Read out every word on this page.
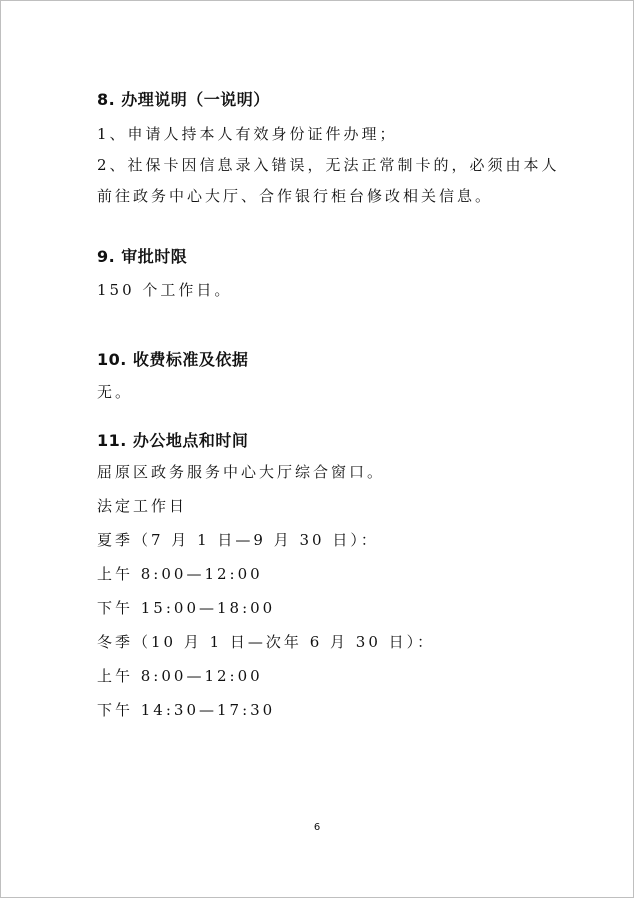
8. 办理说明（一说明）
1、申请人持本人有效身份证件办理；
2、社保卡因信息录入错误，无法正常制卡的，必须由本人
前往政务中心大厅、合作银行柜台修改相关信息。
9. 审批时限
150 个工作日。
10. 收费标准及依据
无。
11. 办公地点和时间
屈原区政务服务中心大厅综合窗口。
法定工作日
夏季（7 月 1 日—9 月 30 日）：
上午 8:00—12:00
下午 15:00—18:00
冬季（10 月 1 日—次年 6 月 30 日）：
上午 8:00—12:00
下午 14:30—17:30
6
